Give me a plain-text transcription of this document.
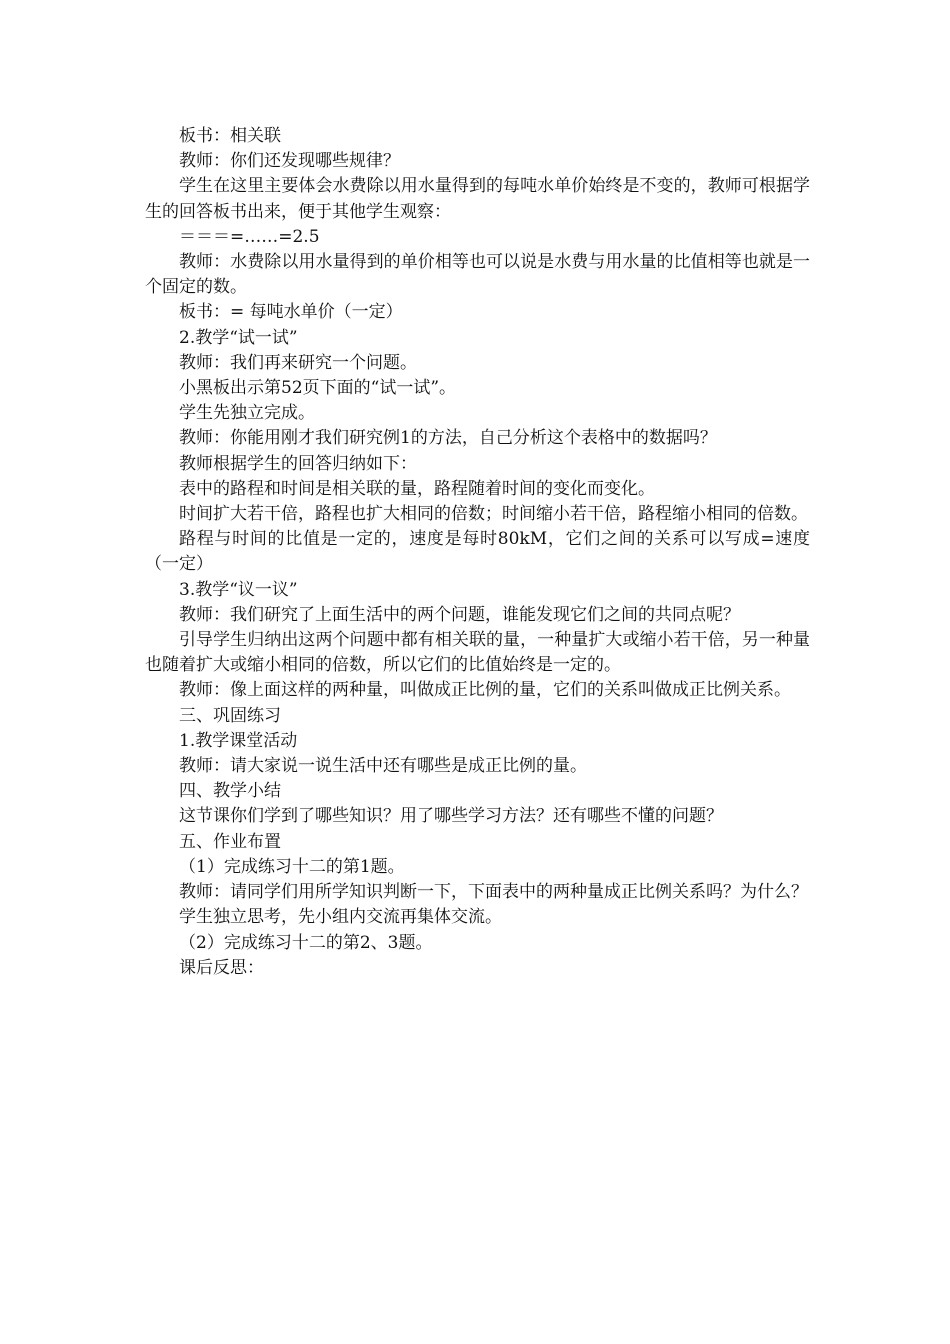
板书：相关联

教师：你们还发现哪些规律？

学生在这里主要体会水费除以用水量得到的每吨水单价始终是不变的，教师可根据学生的回答板书出来，便于其他学生观察：

＝＝＝=……=2.5

教师：水费除以用水量得到的单价相等也可以说是水费与用水量的比值相等也就是一个固定的数。

板书：= 每吨水单价（一定）

2.教学“试一试”

教师：我们再来研究一个问题。

小黑板出示第52页下面的“试一试”。

学生先独立完成。

教师：你能用刚才我们研究例1的方法，自己分析这个表格中的数据吗？

教师根据学生的回答归纳如下：

表中的路程和时间是相关联的量，路程随着时间的变化而变化。

时间扩大若干倍，路程也扩大相同的倍数；时间缩小若干倍，路程缩小相同的倍数。

路程与时间的比值是一定的，速度是每时80kM，它们之间的关系可以写成=速度（一定）

3.教学“议一议”

教师：我们研究了上面生活中的两个问题，谁能发现它们之间的共同点呢？

引导学生归纳出这两个问题中都有相关联的量，一种量扩大或缩小若干倍，另一种量也随着扩大或缩小相同的倍数，所以它们的比值始终是一定的。

教师：像上面这样的两种量，叫做成正比例的量，它们的关系叫做成正比例关系。

三、巩固练习

1.教学课堂活动

教师：请大家说一说生活中还有哪些是成正比例的量。

四、教学小结

这节课你们学到了哪些知识？用了哪些学习方法？还有哪些不懂的问题？

五、作业布置

（1）完成练习十二的第1题。

教师：请同学们用所学知识判断一下，下面表中的两种量成正比例关系吗？为什么？

学生独立思考，先小组内交流再集体交流。

（2）完成练习十二的第2、3题。

课后反思：
